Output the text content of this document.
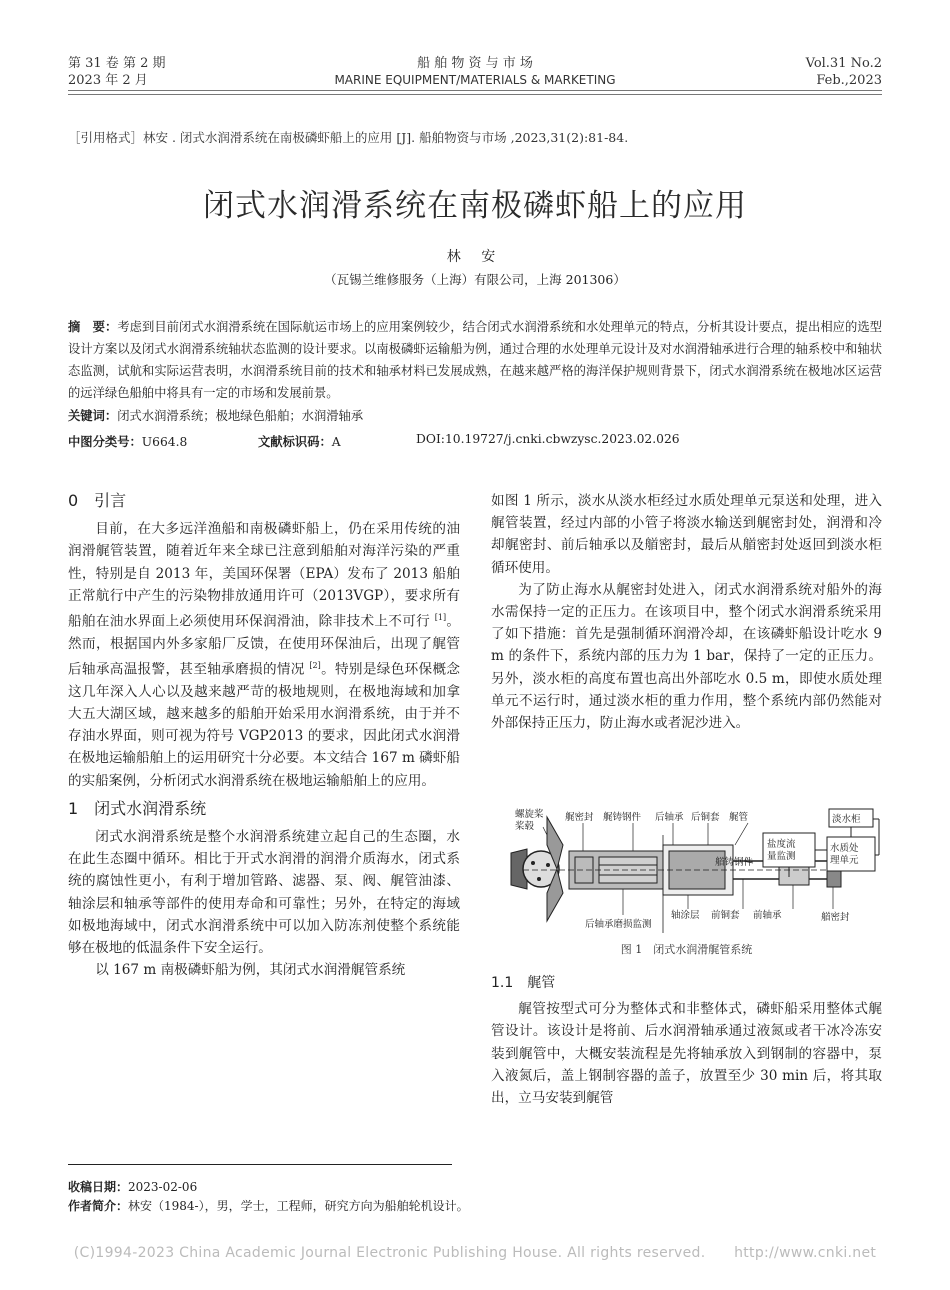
第 31 卷 第 2 期
2023 年 2 月
船 舶 物 资 与 市 场
MARINE EQUIPMENT/MATERIALS & MARKETING
Vol.31 No.2
Feb.,2023
［引用格式］林安 . 闭式水润滑系统在南极磷虾船上的应用 [J]. 船舶物资与市场 ,2023,31(2):81-84.
闭式水润滑系统在南极磷虾船上的应用
林 安
（瓦锡兰维修服务（上海）有限公司，上海 201306）
摘　要：考虑到目前闭式水润滑系统在国际航运市场上的应用案例较少，结合闭式水润滑系统和水处理单元的特点，分析其设计要点，提出相应的选型设计方案以及闭式水润滑系统轴状态监测的设计要求。以南极磷虾运输船为例，通过合理的水处理单元设计及对水润滑轴承进行合理的轴系校中和轴状态监测，试航和实际运营表明，水润滑系统目前的技术和轴承材料已发展成熟，在越来越严格的海洋保护规则背景下，闭式水润滑系统在极地冰区运营的远洋绿色船舶中将具有一定的市场和发展前景。
关键词：闭式水润滑系统；极地绿色船舶；水润滑轴承
中图分类号：U664.8	文献标识码：A	DOI:10.19727/j.cnki.cbwzysc.2023.02.026
0　引言

目前，在大多远洋渔船和南极磷虾船上，仍在采用传统的油润滑艉管装置，随着近年来全球已注意到船舶对海洋污染的严重性，特别是自 2013 年，美国环保署（EPA）发布了 2013 船舶正常航行中产生的污染物排放通用许可（2013VGP），要求所有船舶在油水界面上必须使用环保润滑油，除非技术上不可行 [1]。然而，根据国内外多家船厂反馈，在使用环保油后，出现了艉管后轴承高温报警，甚至轴承磨损的情况 [2]。特别是绿色环保概念这几年深入人心以及越来越严苛的极地规则，在极地海域和加拿大五大湖区域，越来越多的船舶开始采用水润滑系统，由于并不存油水界面，则可视为符号 VGP2013 的要求，因此闭式水润滑在极地运输船舶上的运用研究十分必要。本文结合 167 m 磷虾船的实船案例，分析闭式水润滑系统在极地运输船舶上的应用。

1　闭式水润滑系统

闭式水润滑系统是整个水润滑系统建立起自己的生态圈，水在此生态圈中循环。相比于开式水润滑的润滑介质海水，闭式系统的腐蚀性更小，有利于增加管路、滤器、泵、阀、艉管油漆、轴涂层和轴承等部件的使用寿命和可靠性；另外，在特定的海域如极地海域中，闭式水润滑系统中可以加入防冻剂使整个系统能够在极地的低温条件下安全运行。

以 167 m 南极磷虾船为例，其闭式水润滑艉管系统

如图 1 所示，淡水从淡水柜经过水质处理单元泵送和处理，进入艉管装置，经过内部的小管子将淡水输送到艉密封处，润滑和冷却艉密封、前后轴承以及艏密封，最后从艏密封处返回到淡水柜循环使用。

为了防止海水从艉密封处进入，闭式水润滑系统对船外的海水需保持一定的正压力。在该项目中，整个闭式水润滑系统采用了如下措施：首先是强制循环润滑冷却，在该磷虾船设计吃水 9 m 的条件下，系统内部的压力为 1 bar，保持了一定的正压力。另外，淡水柜的高度布置也高出外部吃水 0.5 m，即使水质处理单元不运行时，通过淡水柜的重力作用，整个系统内部仍然能对外部保持正压力，防止海水或者泥沙进入。

螺旋桨桨毂
艉密封 艉铸钢件 后轴承 后铜套 艉管	淡水柜
盐度流量监测
水质处理单元
艏铸钢件
后轴承磨损监测
轴涂层 前铜套 前轴承	艏密封
图 1　闭式水润滑艉管系统
1.1　艉管

艉管按型式可分为整体式和非整体式，磷虾船采用整体式艉管设计。该设计是将前、后水润滑轴承通过液氮或者干冰冷冻安装到艉管中，大概安装流程是先将轴承放入到钢制的容器中，泵入液氮后，盖上钢制容器的盖子，放置至少 30 min 后，将其取出，立马安装到艉管

收稿日期：2023-02-06
作者简介：林安（1984-），男，学士，工程师，研究方向为船舶轮机设计。
(C)1994-2023 China Academic Journal Electronic Publishing House. All rights reserved.　　http://www.cnki.net
